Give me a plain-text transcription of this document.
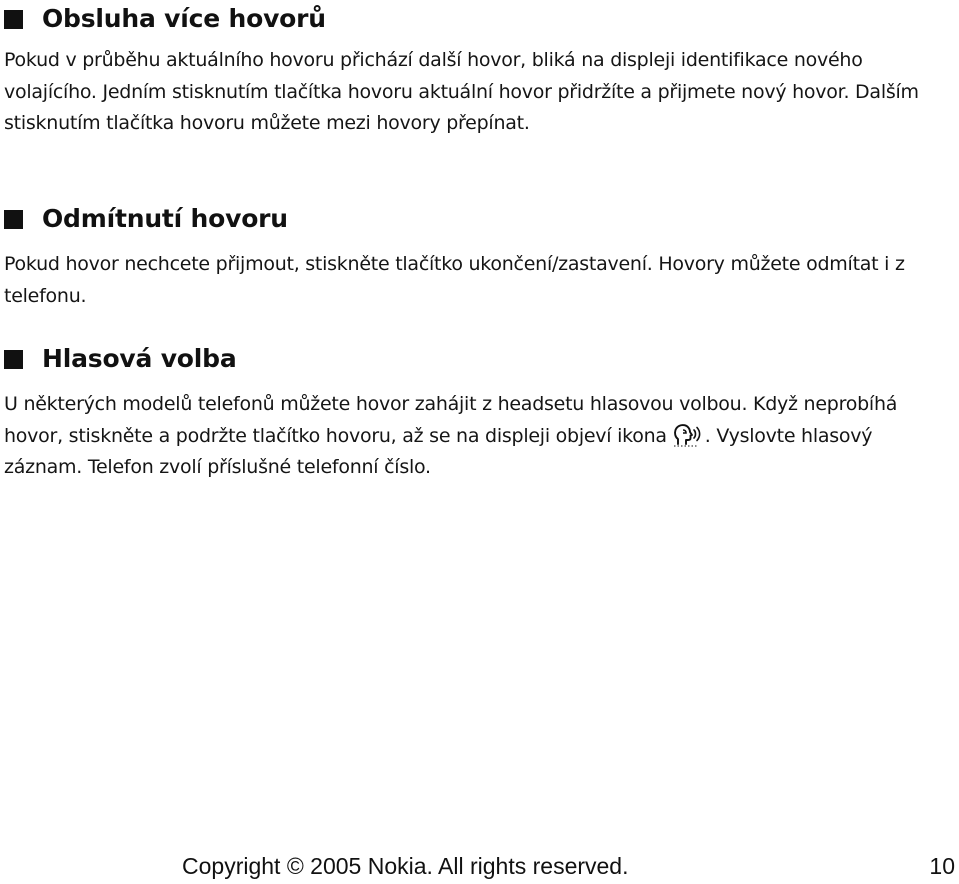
Obsluha více hovorů

Pokud v průběhu aktuálního hovoru přichází další hovor, bliká na displeji identifikace nového volajícího. Jedním stisknutím tlačítka hovoru aktuální hovor přidržíte a přijmete nový hovor. Dalším stisknutím tlačítka hovoru můžete mezi hovory přepínat.

Odmítnutí hovoru

Pokud hovor nechcete přijmout, stiskněte tlačítko ukončení/zastavení. Hovory můžete odmítat i z telefonu.

Hlasová volba

U některých modelů telefonů můžete hovor zahájit z headsetu hlasovou volbou. Když neprobíhá hovor, stiskněte a podržte tlačítko hovoru, až se na displeji objeví ikona . Vyslovte hlasový záznam. Telefon zvolí příslušné telefonní číslo.

Copyright © 2005 Nokia. All rights reserved.	10
